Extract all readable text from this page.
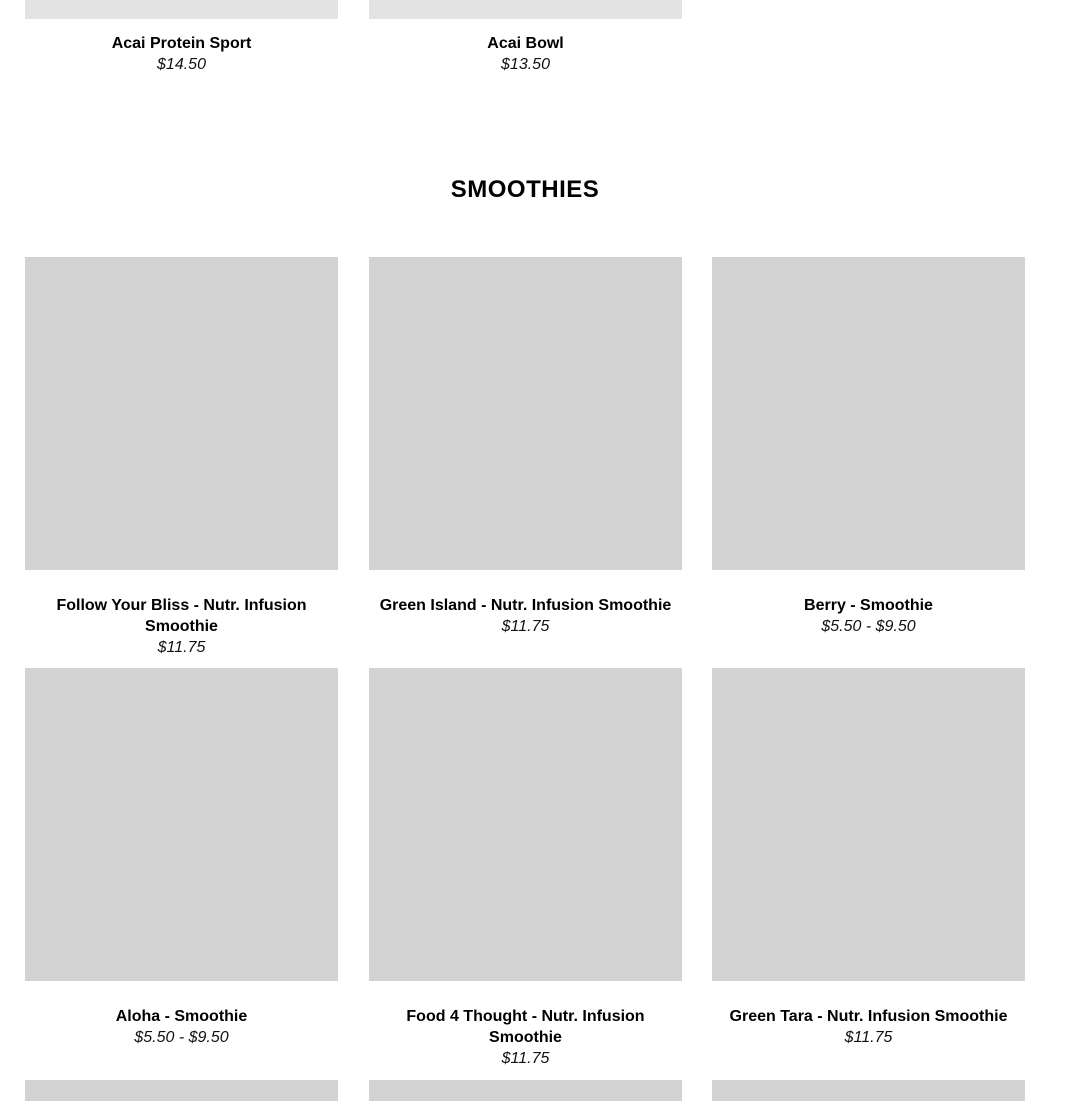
Acai Protein Sport
$14.50
Acai Bowl
$13.50
SMOOTHIES
Follow Your Bliss - Nutr. Infusion Smoothie
$11.75
Green Island - Nutr. Infusion Smoothie
$11.75
Berry - Smoothie
$5.50 - $9.50
Aloha - Smoothie
$5.50 - $9.50
Food 4 Thought - Nutr. Infusion Smoothie
$11.75
Green Tara - Nutr. Infusion Smoothie
$11.75
